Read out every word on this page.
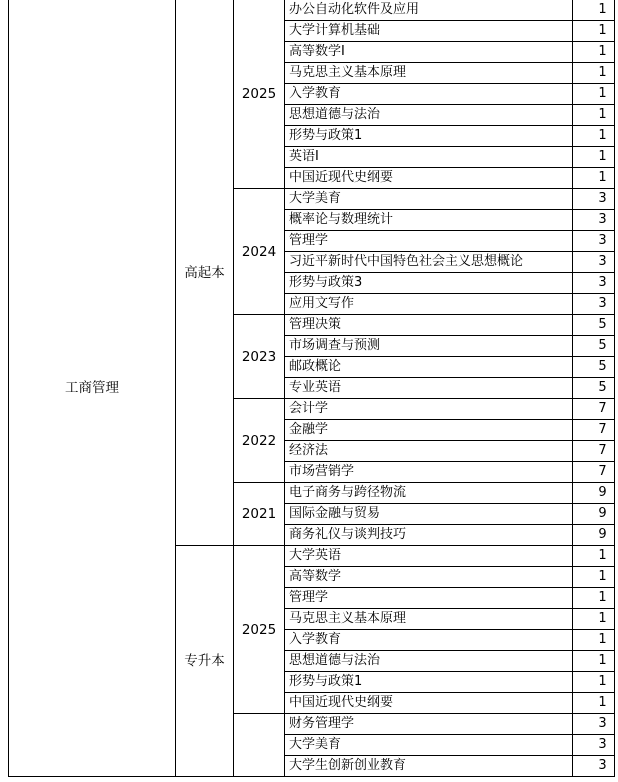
工商管理	高起本	2025	办公自动化软件及应用	1
			大学计算机基础	1
			高等数学I	1
			马克思主义基本原理	1
			入学教育	1
			思想道德与法治	1
			形势与政策1	1
			英语I	1
			中国近现代史纲要	1
		2024	大学美育	3
			概率论与数理统计	3
			管理学	3
			习近平新时代中国特色社会主义思想概论	3
			形势与政策3	3
			应用文写作	3
		2023	管理决策	5
			市场调查与预测	5
			邮政概论	5
			专业英语	5
		2022	会计学	7
			金融学	7
			经济法	7
			市场营销学	7
		2021	电子商务与跨径物流	9
			国际金融与贸易	9
			商务礼仪与谈判技巧	9
	专升本	2025	大学英语	1
			高等数学	1
			管理学	1
			马克思主义基本原理	1
			入学教育	1
			思想道德与法治	1
			形势与政策1	1
			中国近现代史纲要	1
			财务管理学	3
			大学美育	3
			大学生创新创业教育	3
